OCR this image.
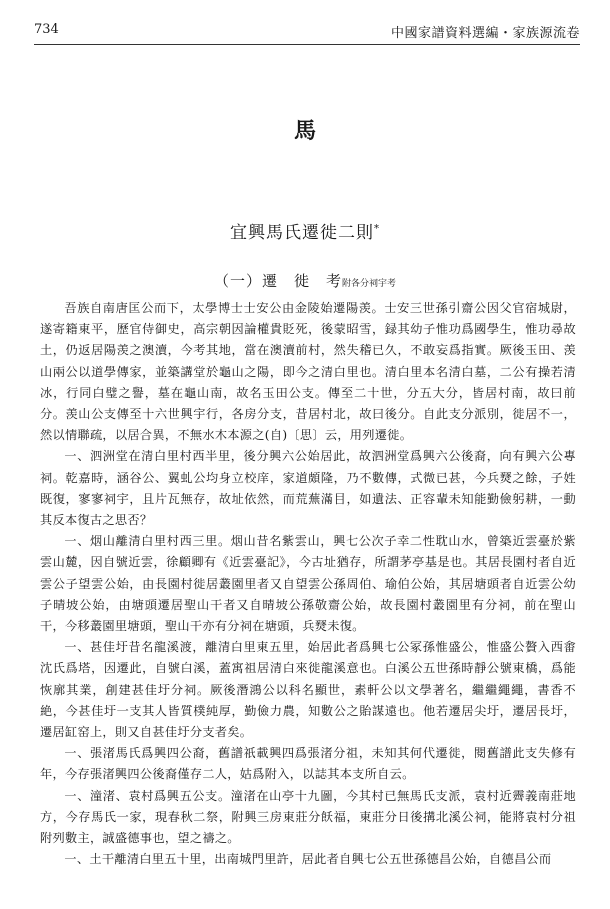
734	中國家譜資料選編・家族源流卷
馬
宜興馬氏遷徙二則*
（一）遷　徙　考附各分祠宇考

吾族自南唐匡公而下，太學博士士安公由金陵始遷陽羡。士安三世孫引齋公因父官宿城尉，遂寄籍東平，歷官侍御史，高宗朝因論權貴貶死，後蒙昭雪，録其幼子惟功爲國學生，惟功尋故土，仍返居陽羡之澳瀆，今考其地，當在澳瀆前村，然失稽已久，不敢妄爲指實。厥後玉田、羡山兩公以道學傳家，並築講堂於龜山之陽，即今之清白里也。清白里本名清白墓，二公有操若清冰，行同白璧之譽，墓在龜山南，故名玉田公支。傳至二十世，分五大分，皆居村南，故曰前分。羡山公支傳至十六世興宇行，各房分支，昔居村北，故曰後分。自此支分派別，徙居不一，然以情聯疏，以居合異，不無水木本源之(自)〔思〕云，用列遷徙。

一、泗洲堂在清白里村西半里，後分興六公始居此，故泗洲堂爲興六公後裔，向有興六公專祠。乾嘉時，涵谷公、翼虬公均身立校庠，家道頗隆，乃不數傳，式微已甚，今兵燹之餘，子姓既復，寥寥祠宇，且片瓦無存，故址依然，而荒蕪滿目，如遺法、正容輩未知能勤儉躬耕，一動其反本復古之思否？

一、烟山離清白里村西三里。烟山昔名紫雲山，興七公次子幸二性耽山水，曾築近雲臺於紫雲山麓，因自號近雲，徐顧卿有《近雲臺記》，今古址猶存，所謂茅亭基是也。其居長園村者自近雲公子望雲公始，由長園村徙居叢園里者又自望雲公孫周伯、瑜伯公始，其居塘頭者自近雲公幼子晴坡公始，由塘頭遷居聖山干者又自晴坡公孫敬齋公始，故長園村叢園里有分祠，前在聖山干，今移叢園里塘頭，聖山干亦有分祠在塘頭，兵燹未復。

一、甚佳圩昔名龍溪渡，離清白里東五里，始居此者爲興七公冢孫惟盛公，惟盛公贅入西畬沈氏爲塔，因遷此，自號白溪，蓋寓祖居清白來徙龍溪意也。白溪公五世孫時靜公號東橋，爲能恢廓其業，創建甚佳圩分祠。厥後潛鴻公以科名顯世，素軒公以文學著名，繼繼繩繩，書香不絶，今甚佳圩一支其人皆質樸純厚，勤儉力農，知數公之貽謀遠也。他若遷居尖圩，遷居長圩，遷居缸窑上，則又自甚佳圩分支者矣。

一、張渚馬氏爲興四公裔，舊譜祇載興四爲張渚分祖，未知其何代遷徙，閱舊譜此支失修有年，今存張渚興四公後裔僅存二人，姑爲附入，以誌其本支所自云。

一、潼渚、袁村爲興五公支。潼渚在山亭十九圖，今其村已無馬氏支派，袁村近霽義南莊地方，今存馬氏一家，現春秋二祭，附興三房東莊分飫福，東莊分日後搆北溪公祠，能將袁村分祖附列數主，誠盛德事也，望之禱之。

一、土干離清白里五十里，出南城門里許，居此者自興七公五世孫德昌公始，自德昌公而
